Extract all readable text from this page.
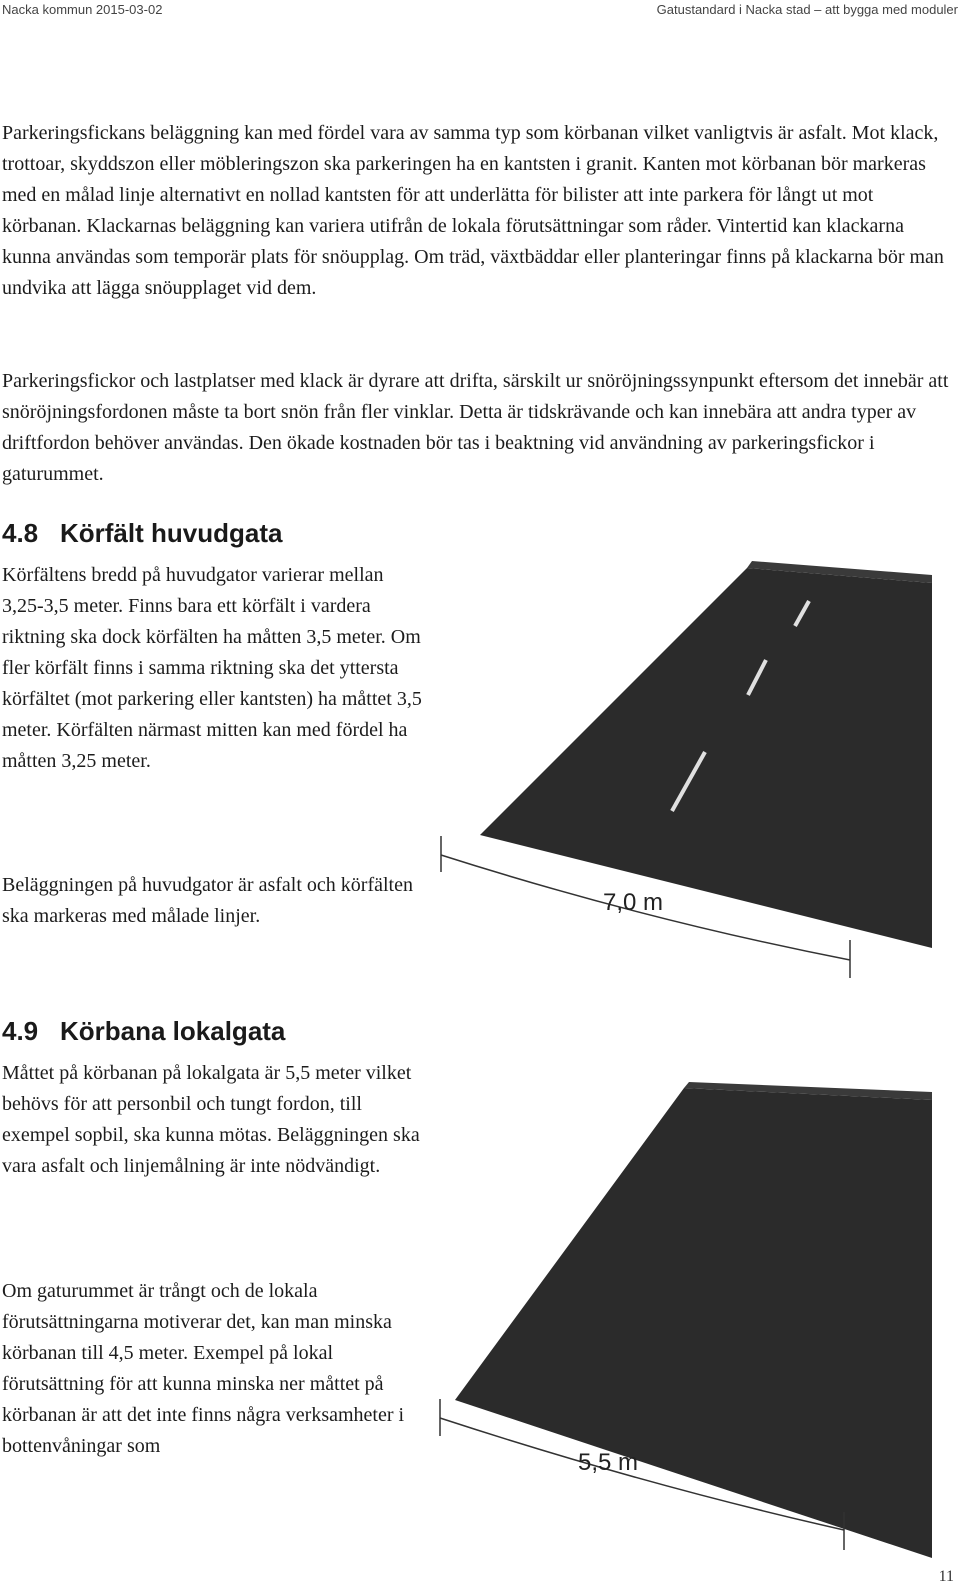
Nacka kommun 2015-03-02	Gatustandard i Nacka stad – att bygga med moduler

Parkeringsfickans beläggning kan med fördel vara av samma typ som körbanan vilket vanligtvis är asfalt. Mot klack, trottoar, skyddszon eller möbleringszon ska parkeringen ha en kantsten i granit. Kanten mot körbanan bör markeras med en målad linje alternativt en nollad kantsten för att underlätta för bilister att inte parkera för långt ut mot körbanan. Klackarnas beläggning kan variera utifrån de lokala förutsättningar som råder. Vintertid kan klackarna kunna användas som temporär plats för snöupplag. Om träd, växtbäddar eller planteringar finns på klackarna bör man undvika att lägga snöupplaget vid dem.

Parkeringsfickor och lastplatser med klack är dyrare att drifta, särskilt ur snöröjningssynpunkt eftersom det innebär att snöröjningsfordonen måste ta bort snön från fler vinklar. Detta är tidskrävande och kan innebära att andra typer av driftfordon behöver användas. Den ökade kostnaden bör tas i beaktning vid användning av parkeringsfickor i gaturummet.

4.8 Körfält huvudgata

Körfältens bredd på huvudgator varierar mellan 3,25-3,5 meter. Finns bara ett körfält i vardera riktning ska dock körfälten ha måtten 3,5 meter. Om fler körfält finns i samma riktning ska det yttersta körfältet (mot parkering eller kantsten) ha måttet 3,5 meter. Körfälten närmast mitten kan med fördel ha måtten 3,25 meter.

Beläggningen på huvudgator är asfalt och körfälten ska markeras med målade linjer.	7,0 m
5,5 m
4.9 Körbana lokalgata

Måttet på körbanan på lokalgata är 5,5 meter vilket behövs för att personbil och tungt fordon, till exempel sopbil, ska kunna mötas. Beläggningen ska vara asfalt och linjemålning är inte nödvändigt.

Om gaturummet är trångt och de lokala förutsättningarna motiverar det, kan man minska körbanan till 4,5 meter. Exempel på lokal förutsättning för att kunna minska ner måttet på körbanan är att det inte finns några verksamheter i bottenvåningar som

11
